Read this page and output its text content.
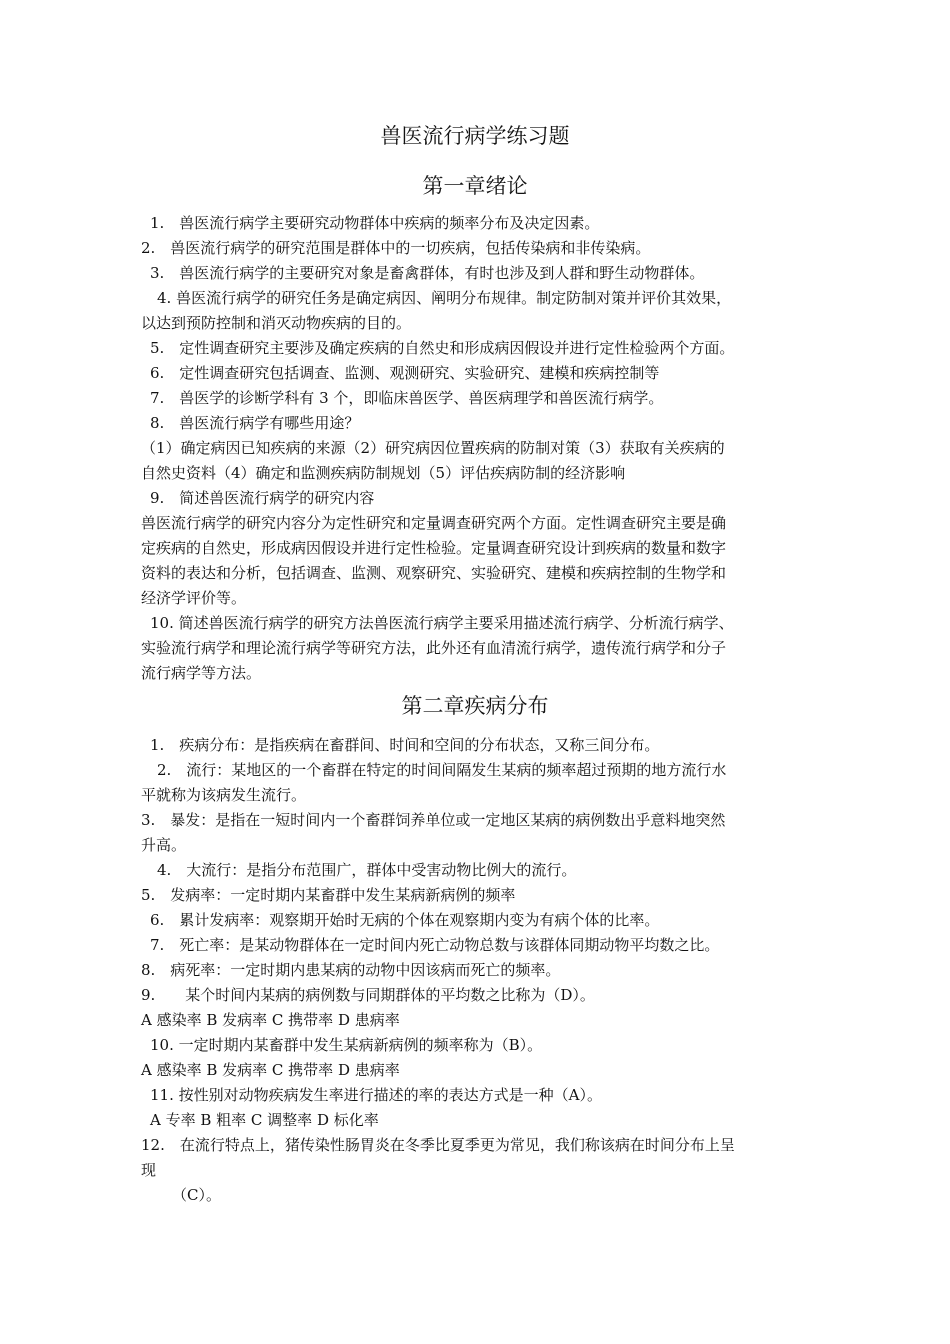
兽医流行病学练习题
第一章绪论

1.　兽医流行病学主要研究动物群体中疾病的频率分布及决定因素。

2.　兽医流行病学的研究范围是群体中的一切疾病，包括传染病和非传染病。

3.　兽医流行病学的主要研究对象是畜禽群体，有时也涉及到人群和野生动物群体。

4. 兽医流行病学的研究任务是确定病因、阐明分布规律。制定防制对策并评价其效果，

以达到预防控制和消灭动物疾病的目的。

5.　定性调查研究主要涉及确定疾病的自然史和形成病因假设并进行定性检验两个方面。

6.　定性调查研究包括调查、监测、观测研究、实验研究、建模和疾病控制等

7.　兽医学的诊断学科有 3 个，即临床兽医学、兽医病理学和兽医流行病学。

8.　兽医流行病学有哪些用途？

（1）确定病因已知疾病的来源（2）研究病因位置疾病的防制对策（3）获取有关疾病的

自然史资料（4）确定和监测疾病防制规划（5）评估疾病防制的经济影响

9.　简述兽医流行病学的研究内容

兽医流行病学的研究内容分为定性研究和定量调查研究两个方面。定性调查研究主要是确

定疾病的自然史，形成病因假设并进行定性检验。定量调查研究设计到疾病的数量和数字

资料的表达和分析，包括调查、监测、观察研究、实验研究、建模和疾病控制的生物学和

经济学评价等。

10. 简述兽医流行病学的研究方法兽医流行病学主要采用描述流行病学、分析流行病学、

实验流行病学和理论流行病学等研究方法，此外还有血清流行病学，遗传流行病学和分子

流行病学等方法。

第二章疾病分布

1.　疾病分布：是指疾病在畜群间、时间和空间的分布状态，又称三间分布。

2.　流行：某地区的一个畜群在特定的时间间隔发生某病的频率超过预期的地方流行水

平就称为该病发生流行。

3.　暴发：是指在一短时间内一个畜群饲养单位或一定地区某病的病例数出乎意料地突然

升高。

4.　大流行：是指分布范围广，群体中受害动物比例大的流行。

5.　发病率：一定时期内某畜群中发生某病新病例的频率

6.　累计发病率：观察期开始时无病的个体在观察期内变为有病个体的比率。

7.　死亡率：是某动物群体在一定时间内死亡动物总数与该群体同期动物平均数之比。

8.　病死率：一定时期内患某病的动物中因该病而死亡的频率。

9.　　某个时间内某病的病例数与同期群体的平均数之比称为（D）。

A 感染率 B 发病率 C 携带率 D 患病率

10. 一定时期内某畜群中发生某病新病例的频率称为（B）。

A 感染率 B 发病率 C 携带率 D 患病率

11. 按性别对动物疾病发生率进行描述的率的表达方式是一种（A）。

A 专率 B 粗率 C 调整率 D 标化率

12.　在流行特点上，猪传染性肠胃炎在冬季比夏季更为常见，我们称该病在时间分布上呈

现

（C）。
